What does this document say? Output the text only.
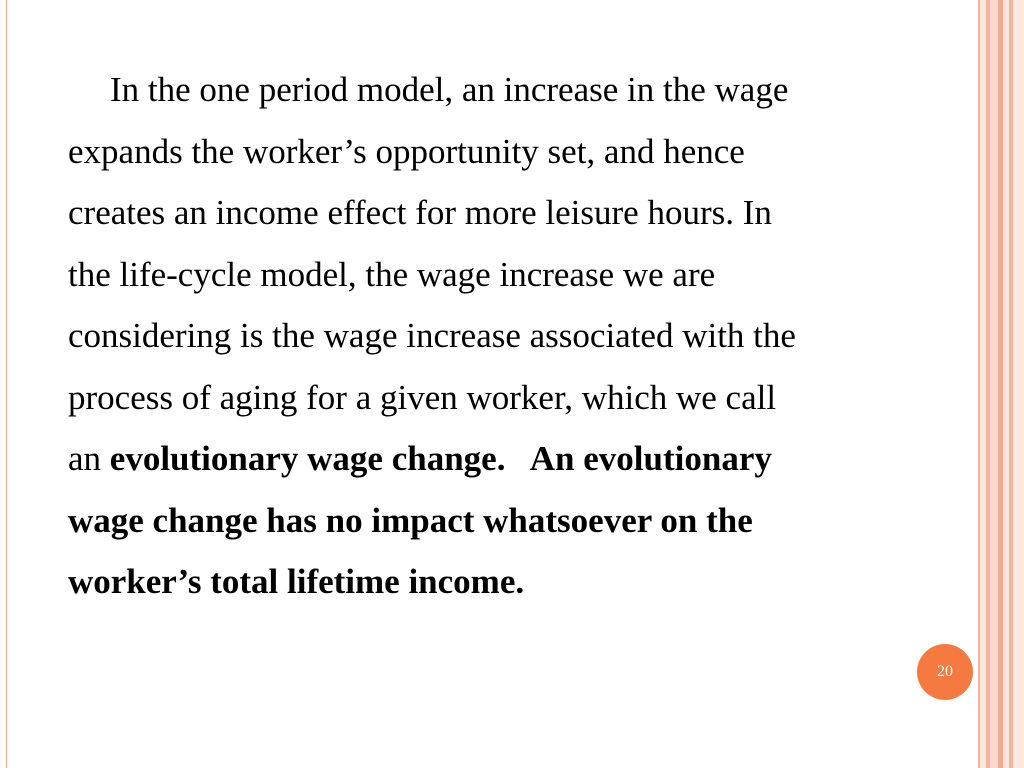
In the one period model, an increase in the wage
expands the worker’s opportunity set, and hence
creates an income effect for more leisure hours. In
the life-cycle model, the wage increase we are
considering is the wage increase associated with the
process of aging for a given worker, which we call
an evolutionary wage change.   An evolutionary
wage change has no impact whatsoever on the
worker’s total lifetime income.

20
